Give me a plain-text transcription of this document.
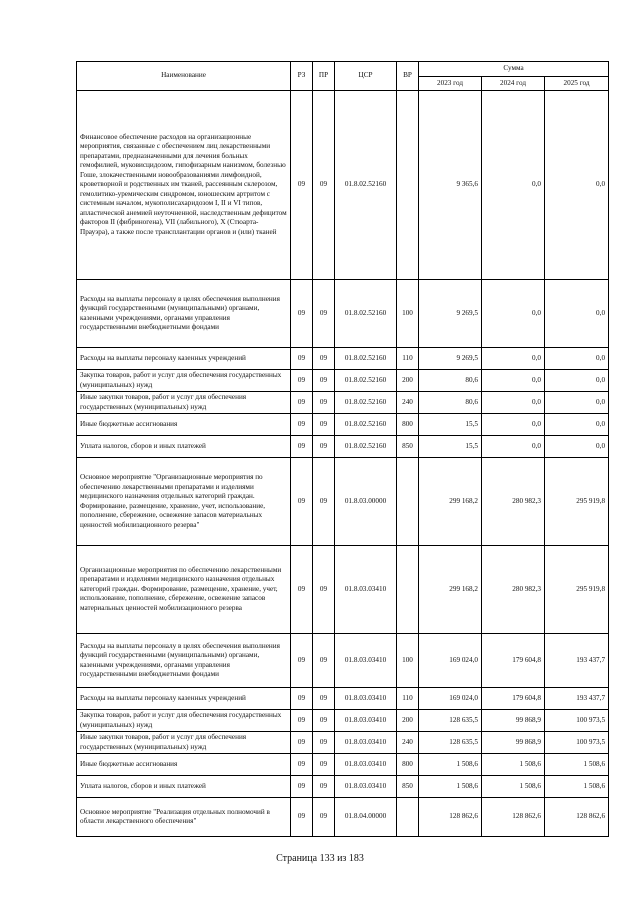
Наименование	РЗ	ПР	ЦСР	ВР	Сумма		
					2023 год	2024 год	2025 год
Финансовое обеспечение расходов на организационные мероприятия, связанные с обеспечением лиц лекарственными препаратами, предназначенными для лечения больных гемофилией, муковисцидозом, гипофизарным нанизмом, болезнью Гоше, злокачественными новообразованиями лимфоидной, кроветворной и родственных им тканей, рассеянным склерозом, гемолитико-уремическим синдромом, юношеским артритом с системным началом, мукополисахаридозом I, II и VI типов, апластической анемией неуточненной, наследственным дефицитом факторов II (фибриногена), VII (лабильного), X (Стюарта-Прауэра), а также после трансплантации органов и (или) тканей	09	09	01.8.02.52160		9 365,6	0,0	0,0
Расходы на выплаты персоналу в целях обеспечения выполнения функций государственными (муниципальными) органами, казенными учреждениями, органами управления государственными внебюджетными фондами	09	09	01.8.02.52160	100	9 269,5	0,0	0,0
Расходы на выплаты персоналу казенных учреждений	09	09	01.8.02.52160	110	9 269,5	0,0	0,0
Закупка товаров, работ и услуг для обеспечения государственных (муниципальных) нужд	09	09	01.8.02.52160	200	80,6	0,0	0,0
Иные закупки товаров, работ и услуг для обеспечения государственных (муниципальных) нужд	09	09	01.8.02.52160	240	80,6	0,0	0,0
Иные бюджетные ассигнования	09	09	01.8.02.52160	800	15,5	0,0	0,0
Уплата налогов, сборов и иных платежей	09	09	01.8.02.52160	850	15,5	0,0	0,0
Основное мероприятие "Организационные мероприятия по обеспечению лекарственными препаратами и изделиями медицинского назначения отдельных категорий граждан. Формирование, размещение, хранение, учет, использование, пополнение, сбережение, освежение запасов материальных ценностей мобилизационного резерва"	09	09	01.8.03.00000		299 168,2	280 982,3	295 919,8
Организационные мероприятия по обеспечению лекарственными препаратами и изделиями медицинского назначения отдельных категорий граждан. Формирование, размещение, хранение, учет, использование, пополнение, сбережение, освежение запасов материальных ценностей мобилизационного резерва	09	09	01.8.03.03410		299 168,2	280 982,3	295 919,8
Расходы на выплаты персоналу в целях обеспечения выполнения функций государственными (муниципальными) органами, казенными учреждениями, органами управления государственными внебюджетными фондами	09	09	01.8.03.03410	100	169 024,0	179 604,8	193 437,7
Расходы на выплаты персоналу казенных учреждений	09	09	01.8.03.03410	110	169 024,0	179 604,8	193 437,7
Закупка товаров, работ и услуг для обеспечения государственных (муниципальных) нужд	09	09	01.8.03.03410	200	128 635,5	99 868,9	100 973,5
Иные закупки товаров, работ и услуг для обеспечения государственных (муниципальных) нужд	09	09	01.8.03.03410	240	128 635,5	99 868,9	100 973,5
Иные бюджетные ассигнования	09	09	01.8.03.03410	800	1 508,6	1 508,6	1 508,6
Уплата налогов, сборов и иных платежей	09	09	01.8.03.03410	850	1 508,6	1 508,6	1 508,6
Основное мероприятие "Реализация отдельных полномочий в области лекарственного обеспечения"	09	09	01.8.04.00000		128 862,6	128 862,6	128 862,6
Страница 133 из 183
